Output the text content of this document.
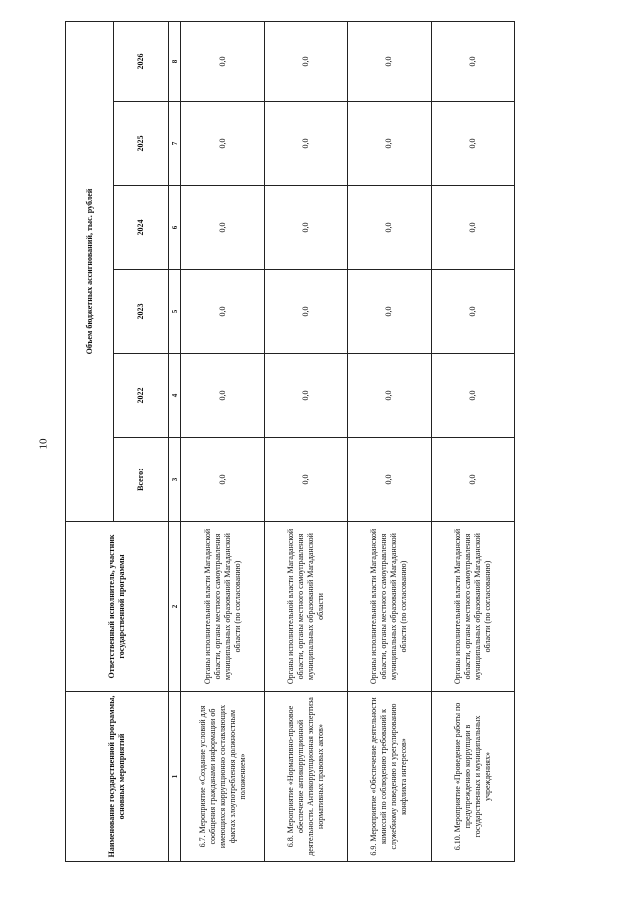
10
Наименование государственной программы, основных мероприятий	Ответственный исполнитель, участник государственной программы	Объем бюджетных ассигнований, тыс. рублей					
		Всего:	2022	2023	2024	2025	2026
1	2	3	4	5	6	7	8
6.7. Мероприятие «Создание условий для сообщения гражданами информации об имеющихся коррупционно составляющих фактах злоупотребления должностным положением»	Органы исполнительной власти Магаданской области, органы местного самоуправления муниципальных образований Магаданской области (по согласованию)	0,0	0,0	0,0	0,0	0,0	0,0
6.8. Мероприятие «Нормативно-правовое обеспечение антикоррупционной деятельности. Антикоррупционная экспертиза нормативных правовых актов»	Органы исполнительной власти Магаданской области, органы местного самоуправления муниципальных образований Магаданской области	0,0	0,0	0,0	0,0	0,0	0,0
6.9. Мероприятие «Обеспечение деятельности комиссий по соблюдению требований к служебному поведению и урегулированию конфликта интересов»	Органы исполнительной власти Магаданской области, органы местного самоуправления муниципальных образований Магаданской области (по согласованию)	0,0	0,0	0,0	0,0	0,0	0,0
6.10. Мероприятие «Проведение работы по предупреждению коррупции в государственных и муниципальных учреждениях»	Органы исполнительной власти Магаданской области, органы местного самоуправления муниципальных образований Магаданской области (по согласованию)	0,0	0,0	0,0	0,0	0,0	0,0
